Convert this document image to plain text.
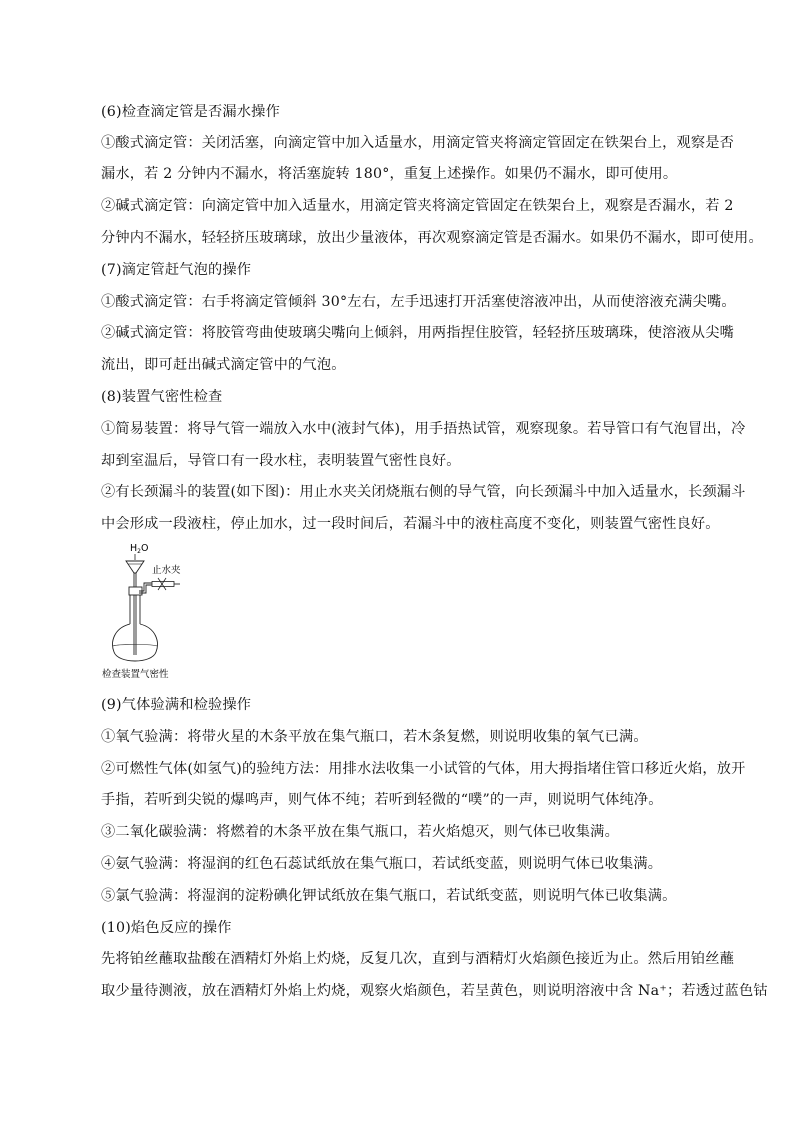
(6)检查滴定管是否漏水操作
①酸式滴定管：关闭活塞，向滴定管中加入适量水，用滴定管夹将滴定管固定在铁架台上，观察是否
漏水，若 2 分钟内不漏水，将活塞旋转 180°，重复上述操作。如果仍不漏水，即可使用。
②碱式滴定管：向滴定管中加入适量水，用滴定管夹将滴定管固定在铁架台上，观察是否漏水，若 2
分钟内不漏水，轻轻挤压玻璃球，放出少量液体，再次观察滴定管是否漏水。如果仍不漏水，即可使用。
(7)滴定管赶气泡的操作
①酸式滴定管：右手将滴定管倾斜 30°左右，左手迅速打开活塞使溶液冲出，从而使溶液充满尖嘴。
②碱式滴定管：将胶管弯曲使玻璃尖嘴向上倾斜，用两指捏住胶管，轻轻挤压玻璃珠，使溶液从尖嘴
流出，即可赶出碱式滴定管中的气泡。
(8)装置气密性检查
①简易装置：将导气管一端放入水中(液封气体)，用手捂热试管，观察现象。若导管口有气泡冒出，冷
却到室温后，导管口有一段水柱，表明装置气密性良好。
②有长颈漏斗的装置(如下图)：用止水夹关闭烧瓶右侧的导气管，向长颈漏斗中加入适量水，长颈漏斗
中会形成一段液柱，停止加水，过一段时间后，若漏斗中的液柱高度不变化，则装置气密性良好。
$H_2O$
止水夹
检查装置气密性
(9)气体验满和检验操作
①氧气验满：将带火星的木条平放在集气瓶口，若木条复燃，则说明收集的氧气已满。
②可燃性气体(如氢气)的验纯方法：用排水法收集一小试管的气体，用大拇指堵住管口移近火焰，放开
手指，若听到尖锐的爆鸣声，则气体不纯；若听到轻微的“噗”的一声，则说明气体纯净。
③二氧化碳验满：将燃着的木条平放在集气瓶口，若火焰熄灭，则气体已收集满。
④氨气验满：将湿润的红色石蕊试纸放在集气瓶口，若试纸变蓝，则说明气体已收集满。
⑤氯气验满：将湿润的淀粉碘化钾试纸放在集气瓶口，若试纸变蓝，则说明气体已收集满。
(10)焰色反应的操作
先将铂丝蘸取盐酸在酒精灯外焰上灼烧，反复几次，直到与酒精灯火焰颜色接近为止。然后用铂丝蘸
取少量待测液，放在酒精灯外焰上灼烧，观察火焰颜色，若呈黄色，则说明溶液中含 Na⁺；若透过蓝色钴
